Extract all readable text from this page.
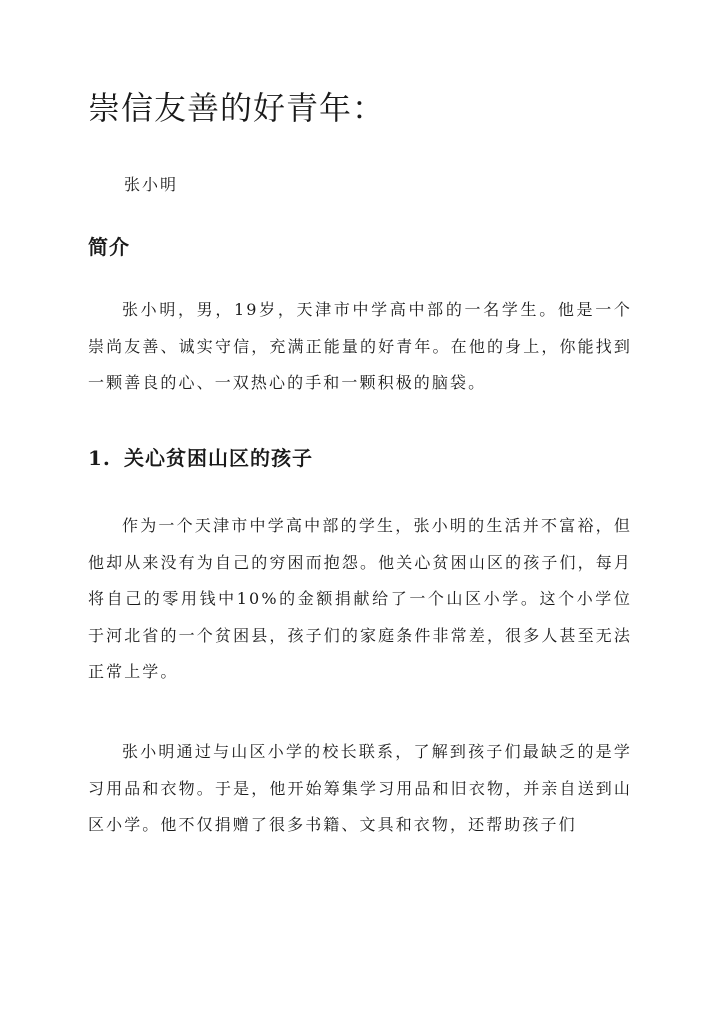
崇信友善的好青年：

张小明

简介

张小明，男，19岁，天津市中学高中部的一名学生。他是一个崇尚友善、诚实守信，充满正能量的好青年。在他的身上，你能找到一颗善良的心、一双热心的手和一颗积极的脑袋。

1. 关心贫困山区的孩子

作为一个天津市中学高中部的学生，张小明的生活并不富裕，但他却从来没有为自己的穷困而抱怨。他关心贫困山区的孩子们，每月将自己的零用钱中10%的金额捐献给了一个山区小学。这个小学位于河北省的一个贫困县，孩子们的家庭条件非常差，很多人甚至无法正常上学。

张小明通过与山区小学的校长联系，了解到孩子们最缺乏的是学习用品和衣物。于是，他开始筹集学习用品和旧衣物，并亲自送到山区小学。他不仅捐赠了很多书籍、文具和衣物，还帮助孩子们
